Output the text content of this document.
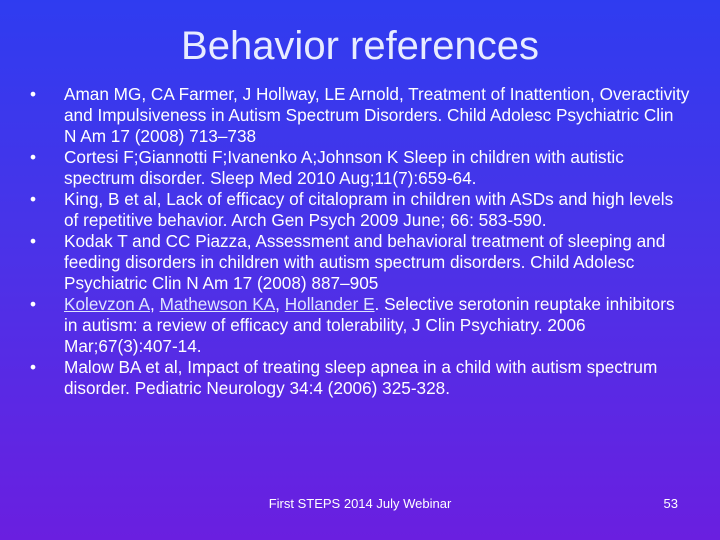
Behavior references
•	Aman MG, CA Farmer, J Hollway, LE Arnold, Treatment of Inattention, Overactivity and Impulsiveness in Autism Spectrum Disorders. Child Adolesc Psychiatric Clin N Am 17 (2008) 713–738
•	Cortesi F;Giannotti F;Ivanenko A;Johnson K Sleep in children with autistic spectrum disorder. Sleep Med 2010 Aug;11(7):659-64.
•	King, B et al, Lack of efficacy of citalopram in children with ASDs and high levels of repetitive behavior. Arch Gen Psych 2009 June; 66: 583-590.
•	Kodak T and CC Piazza, Assessment and behavioral treatment of sleeping and feeding disorders in children with autism spectrum disorders. Child Adolesc Psychiatric Clin N Am 17 (2008) 887–905
•	Kolevzon A, Mathewson KA, Hollander E. Selective serotonin reuptake inhibitors in autism: a review of efficacy and tolerability, J Clin Psychiatry. 2006 Mar;67(3):407-14.
•	Malow BA et al, Impact of treating sleep apnea in a child with autism spectrum disorder. Pediatric Neurology 34:4 (2006) 325-328.
First STEPS 2014 July Webinar	53
